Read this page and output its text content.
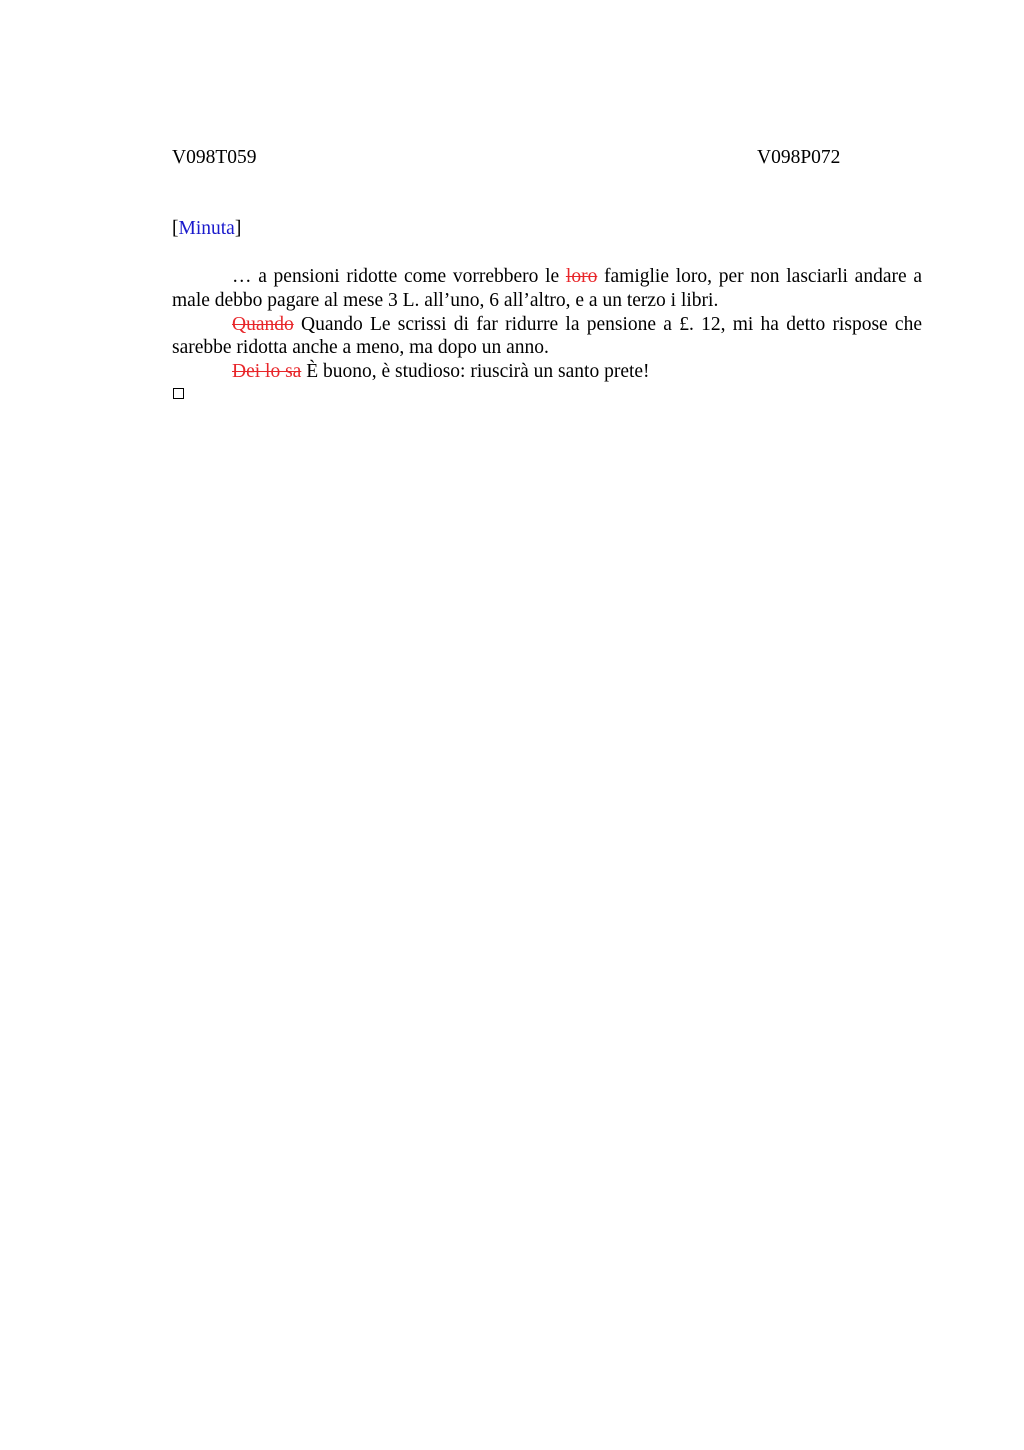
V098T059	V098P072
[Minuta]

… a pensioni ridotte come vorrebbero le loro famiglie loro, per non lasciarli andare a male debbo pagare al mese 3 L. all’uno, 6 all’altro, e a un terzo i libri.

Quando Quando Le scrissi di far ridurre la pensione a £. 12, mi ha detto rispose che sarebbe ridotta anche a meno, ma dopo un anno.

Dei lo sa È buono, è studioso: riuscirà un santo prete!
